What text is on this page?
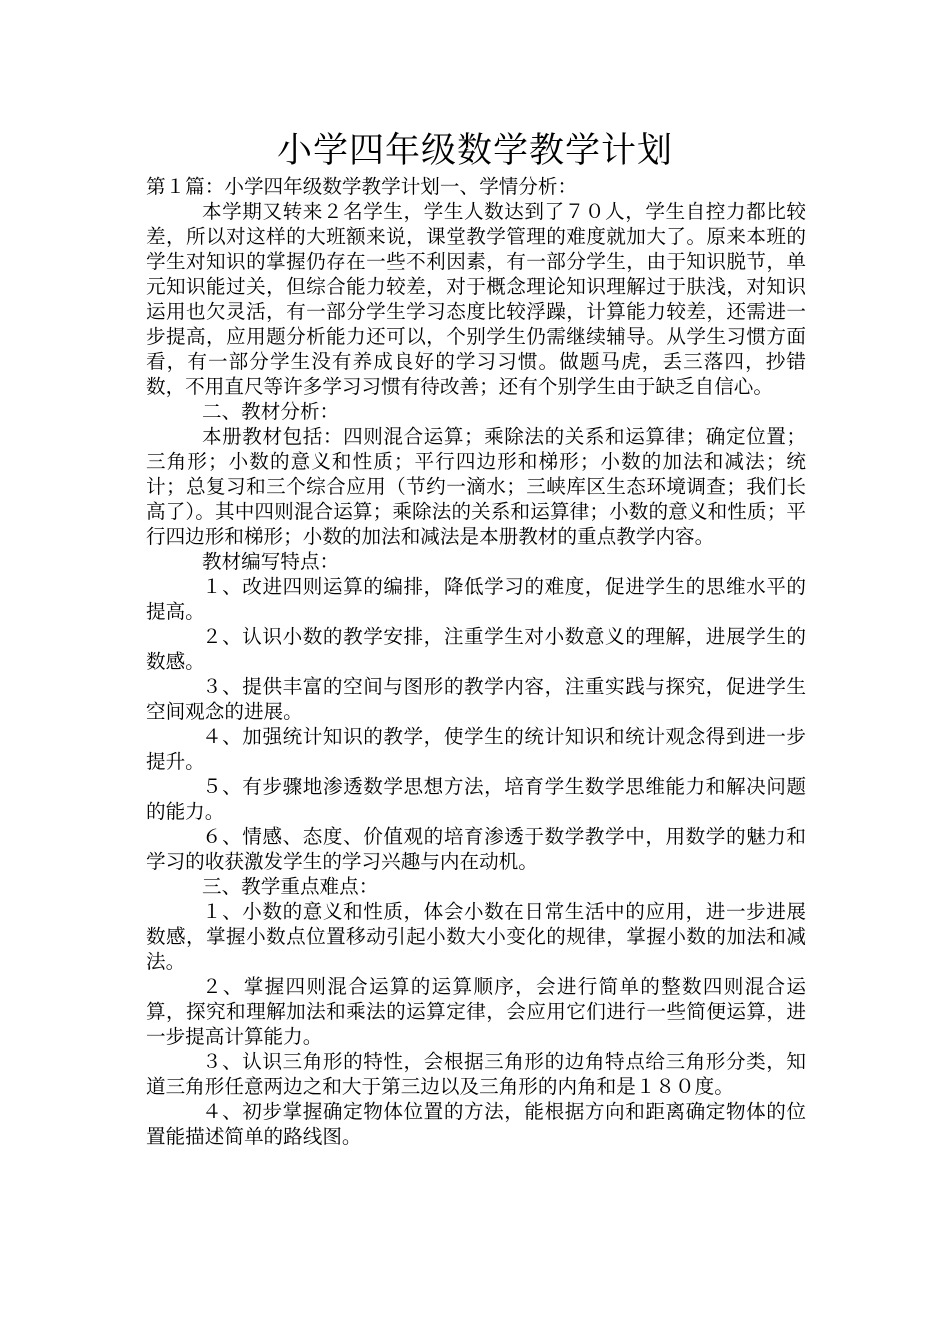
小学四年级数学教学计划

第１篇：小学四年级数学教学计划一、学情分析：

本学期又转来２名学生，学生人数达到了７０人，学生自控力都比较差，所以对这样的大班额来说，课堂教学管理的难度就加大了。原来本班的学生对知识的掌握仍存在一些不利因素，有一部分学生，由于知识脱节，单元知识能过关，但综合能力较差，对于概念理论知识理解过于肤浅，对知识运用也欠灵活，有一部分学生学习态度比较浮躁，计算能力较差，还需进一步提高，应用题分析能力还可以，个别学生仍需继续辅导。从学生习惯方面看，有一部分学生没有养成良好的学习习惯。做题马虎，丢三落四，抄错数，不用直尺等许多学习习惯有待改善；还有个别学生由于缺乏自信心。

二、教材分析：

本册教材包括：四则混合运算；乘除法的关系和运算律；确定位置；三角形；小数的意义和性质；平行四边形和梯形；小数的加法和减法；统计；总复习和三个综合应用（节约一滴水；三峡库区生态环境调查；我们长高了）。其中四则混合运算；乘除法的关系和运算律；小数的意义和性质；平行四边形和梯形；小数的加法和减法是本册教材的重点教学内容。

教材编写特点：

１、改进四则运算的编排，降低学习的难度，促进学生的思维水平的提高。

２、认识小数的教学安排，注重学生对小数意义的理解，进展学生的数感。

３、提供丰富的空间与图形的教学内容，注重实践与探究，促进学生空间观念的进展。

４、加强统计知识的教学，使学生的统计知识和统计观念得到进一步提升。

５、有步骤地渗透数学思想方法，培育学生数学思维能力和解决问题的能力。

６、情感、态度、价值观的培育渗透于数学教学中，用数学的魅力和学习的收获激发学生的学习兴趣与内在动机。

三、教学重点难点：

１、小数的意义和性质，体会小数在日常生活中的应用，进一步进展数感，掌握小数点位置移动引起小数大小变化的规律，掌握小数的加法和减法。

２、掌握四则混合运算的运算顺序，会进行简单的整数四则混合运算，探究和理解加法和乘法的运算定律，会应用它们进行一些简便运算，进一步提高计算能力。

３、认识三角形的特性，会根据三角形的边角特点给三角形分类，知道三角形任意两边之和大于第三边以及三角形的内角和是１８０度。

４、初步掌握确定物体位置的方法，能根据方向和距离确定物体的位置能描述简单的路线图。
